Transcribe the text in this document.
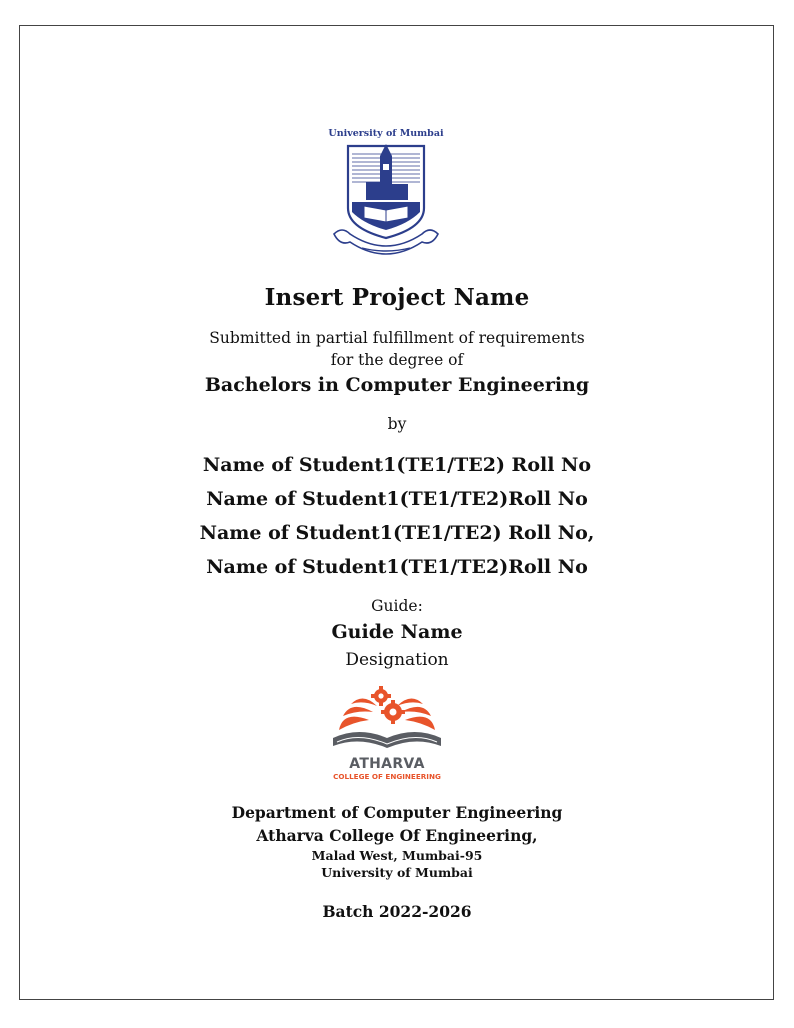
University of Mumbai
Insert Project Name
Submitted in partial fulfillment of requirements
for the degree of
Bachelors in Computer Engineering
by
Name of Student1(TE1/TE2) Roll No
Name of Student1(TE1/TE2)Roll No
Name of Student1(TE1/TE2) Roll No,
Name of Student1(TE1/TE2)Roll No
Guide:
Guide Name
Designation
ATHARVA
COLLEGE OF ENGINEERING
Department of Computer Engineering
Atharva College Of Engineering,
Malad West, Mumbai-95
University of Mumbai
Batch 2022-2026
